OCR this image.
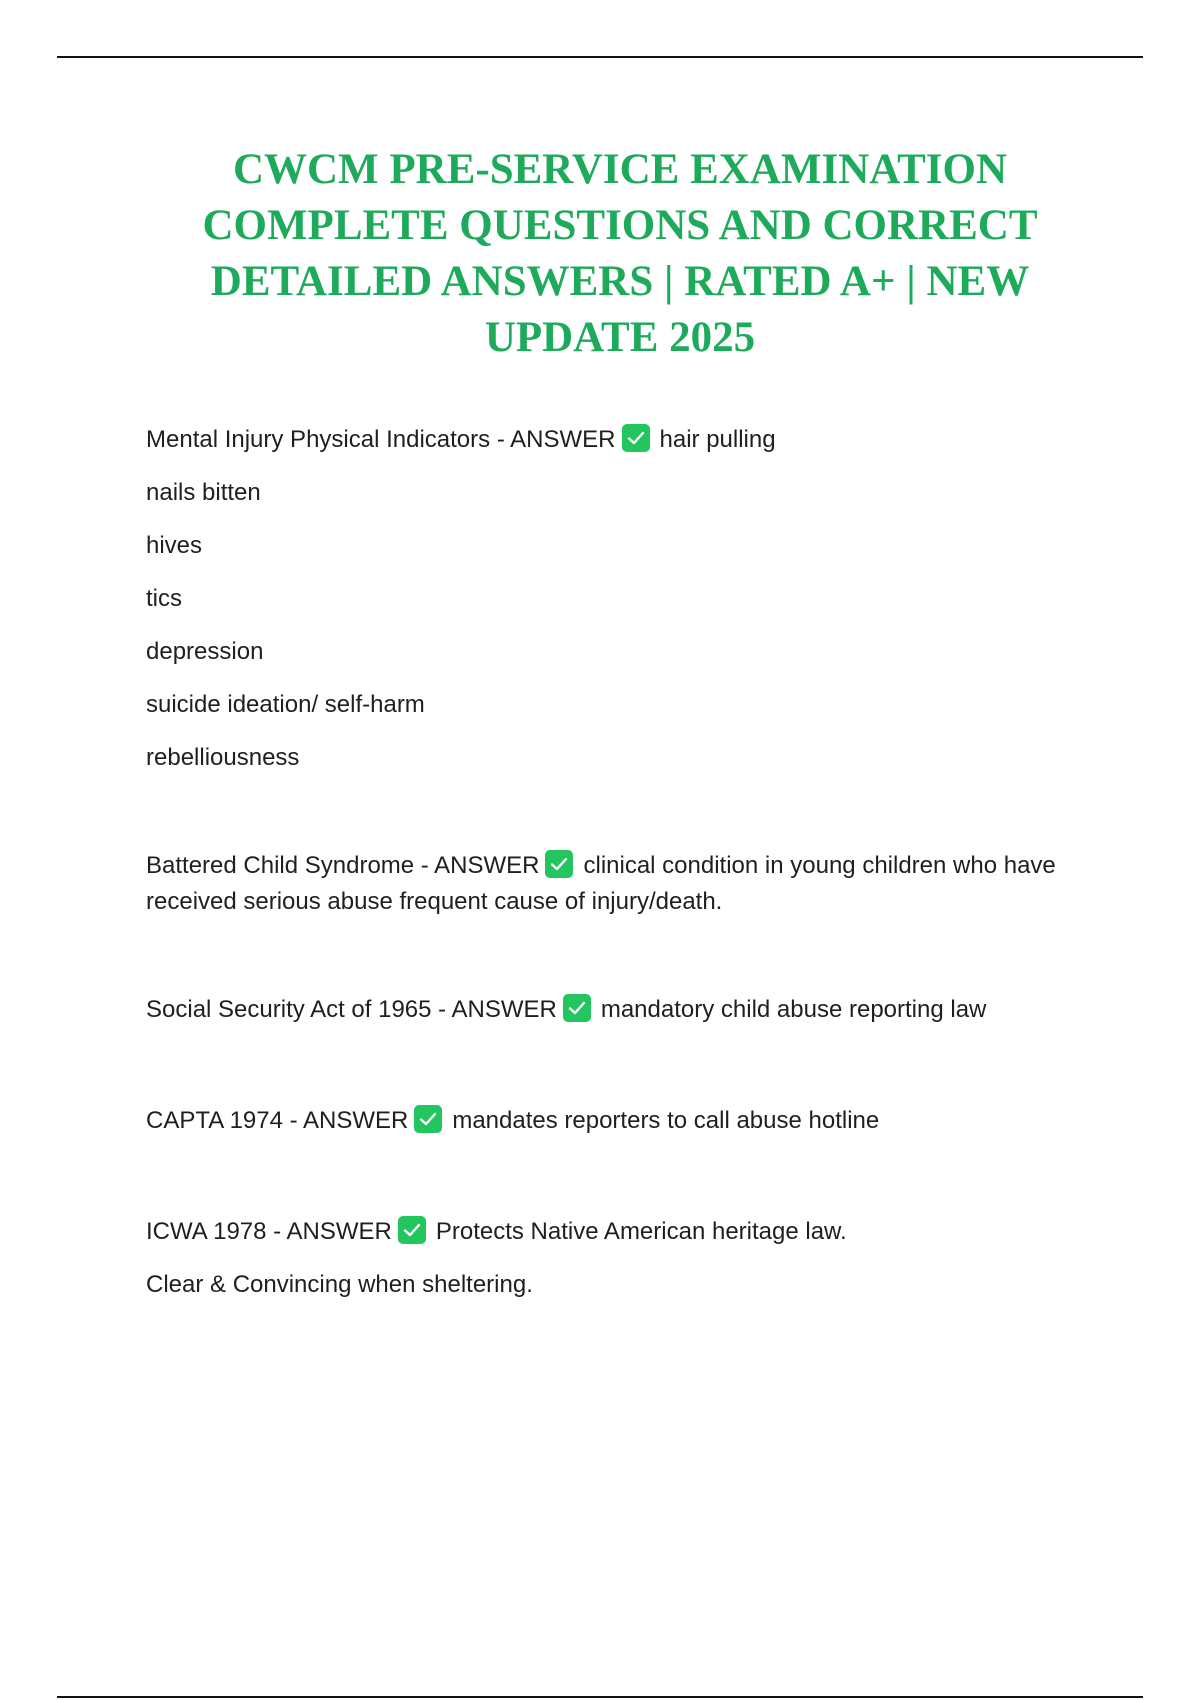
CWCM PRE-SERVICE EXAMINATION COMPLETE QUESTIONS AND CORRECT DETAILED ANSWERS | RATED A+ | NEW UPDATE 2025
Mental Injury Physical Indicators - ANSWER hair pulling
nails bitten
hives
tics
depression
suicide ideation/ self-harm
rebelliousness
Battered Child Syndrome - ANSWER clinical condition in young children who have received serious abuse frequent cause of injury/death.
Social Security Act of 1965 - ANSWER mandatory child abuse reporting law
CAPTA 1974 - ANSWER mandates reporters to call abuse hotline
ICWA 1978 - ANSWER Protects Native American heritage law.
Clear & Convincing when sheltering.
